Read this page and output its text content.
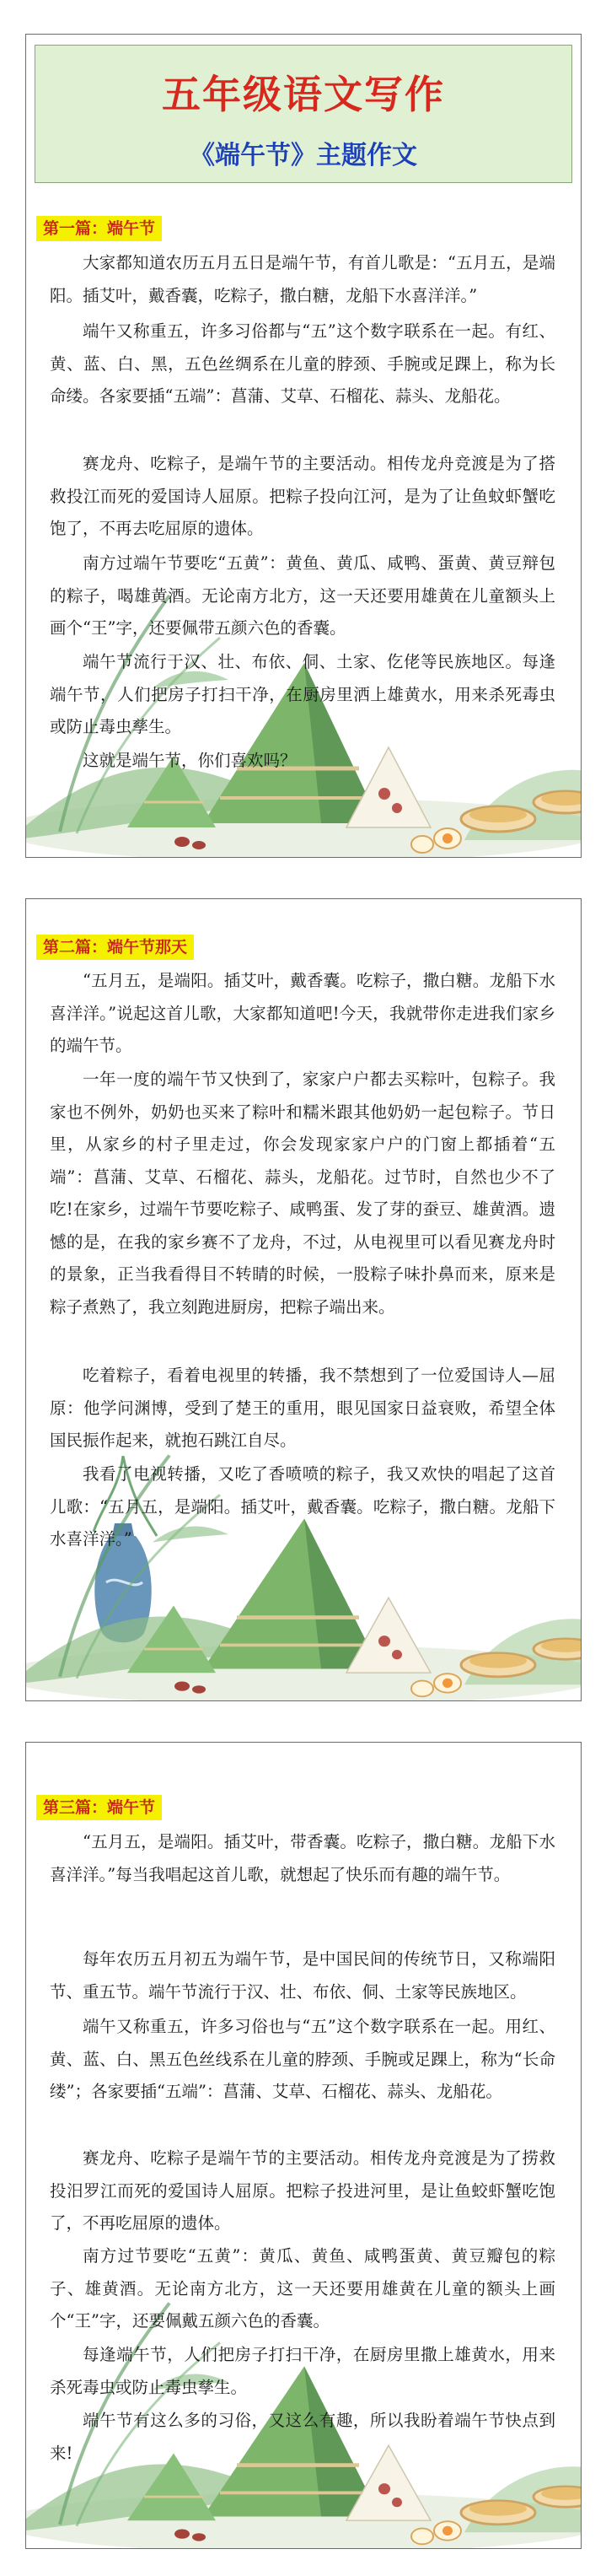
五年级语文写作
《端午节》主题作文
第一篇：端午节

大家都知道农历五月五日是端午节，有首儿歌是：“五月五，是端阳。插艾叶，戴香囊，吃粽子，撒白糖，龙船下水喜洋洋。”

端午又称重五，许多习俗都与“五”这个数字联系在一起。有红、黄、蓝、白、黑，五色丝绸系在儿童的脖颈、手腕或足踝上，称为长命缕。各家要插“五端”：菖蒲、艾草、石榴花、蒜头、龙船花。

赛龙舟、吃粽子，是端午节的主要活动。相传龙舟竞渡是为了搭救投江而死的爱国诗人屈原。把粽子投向江河，是为了让鱼蚊虾蟹吃饱了，不再去吃屈原的遗体。

南方过端午节要吃“五黄”：黄鱼、黄瓜、咸鸭、蛋黄、黄豆辩包的粽子，喝雄黄酒。无论南方北方，这一天还要用雄黄在儿童额头上画个“王”字，还要佩带五颜六色的香囊。

端午节流行于汉、壮、布依、侗、土家、仡佬等民族地区。每逢端午节，人们把房子打扫干净，在厨房里洒上雄黄水，用来杀死毒虫或防止毒虫孳生。

这就是端午节，你们喜欢吗？

第二篇：端午节那天

“五月五，是端阳。插艾叶，戴香囊。吃粽子，撒白糖。龙船下水喜洋洋。”说起这首儿歌，大家都知道吧!今天，我就带你走进我们家乡的端午节。

一年一度的端午节又快到了，家家户户都去买粽叶，包粽子。我家也不例外，奶奶也买来了粽叶和糯米跟其他奶奶一起包粽子。节日里，从家乡的村子里走过，你会发现家家户户的门窗上都插着“五端”：菖蒲、艾草、石榴花、蒜头，龙船花。过节时，自然也少不了吃!在家乡，过端午节要吃粽子、咸鸭蛋、发了芽的蚕豆、雄黄酒。遗憾的是，在我的家乡赛不了龙舟，不过，从电视里可以看见赛龙舟时的景象，正当我看得目不转睛的时候，一股粽子味扑鼻而来，原来是粽子煮熟了，我立刻跑进厨房，把粽子端出来。

吃着粽子，看着电视里的转播，我不禁想到了一位爱国诗人—屈原：他学问渊博，受到了楚王的重用，眼见国家日益衰败，希望全体国民振作起来，就抱石跳江自尽。

我看了电视转播，又吃了香喷喷的粽子，我又欢快的唱起了这首儿歌：“五月五，是端阳。插艾叶，戴香囊。吃粽子，撒白糖。龙船下水喜洋洋。”

第三篇：端午节

“五月五，是端阳。插艾叶，带香囊。吃粽子，撒白糖。龙船下水喜洋洋。”每当我唱起这首儿歌，就想起了快乐而有趣的端午节。

每年农历五月初五为端午节，是中国民间的传统节日，又称端阳节、重五节。端午节流行于汉、壮、布依、侗、土家等民族地区。

端午又称重五，许多习俗也与“五”这个数字联系在一起。用红、黄、蓝、白、黑五色丝线系在儿童的脖颈、手腕或足踝上，称为“长命缕”；各家要插“五端”：菖蒲、艾草、石榴花、蒜头、龙船花。

赛龙舟、吃粽子是端午节的主要活动。相传龙舟竞渡是为了捞救投汨罗江而死的爱国诗人屈原。把粽子投进河里，是让鱼蛟虾蟹吃饱了，不再吃屈原的遗体。

南方过节要吃“五黄”：黄瓜、黄鱼、咸鸭蛋黄、黄豆瓣包的粽子、雄黄酒。无论南方北方，这一天还要用雄黄在儿童的额头上画个“王”字，还要佩戴五颜六色的香囊。

每逢端午节，人们把房子打扫干净，在厨房里撒上雄黄水，用来杀死毒虫或防止毒虫孳生。

端午节有这么多的习俗，又这么有趣，所以我盼着端午节快点到来!
